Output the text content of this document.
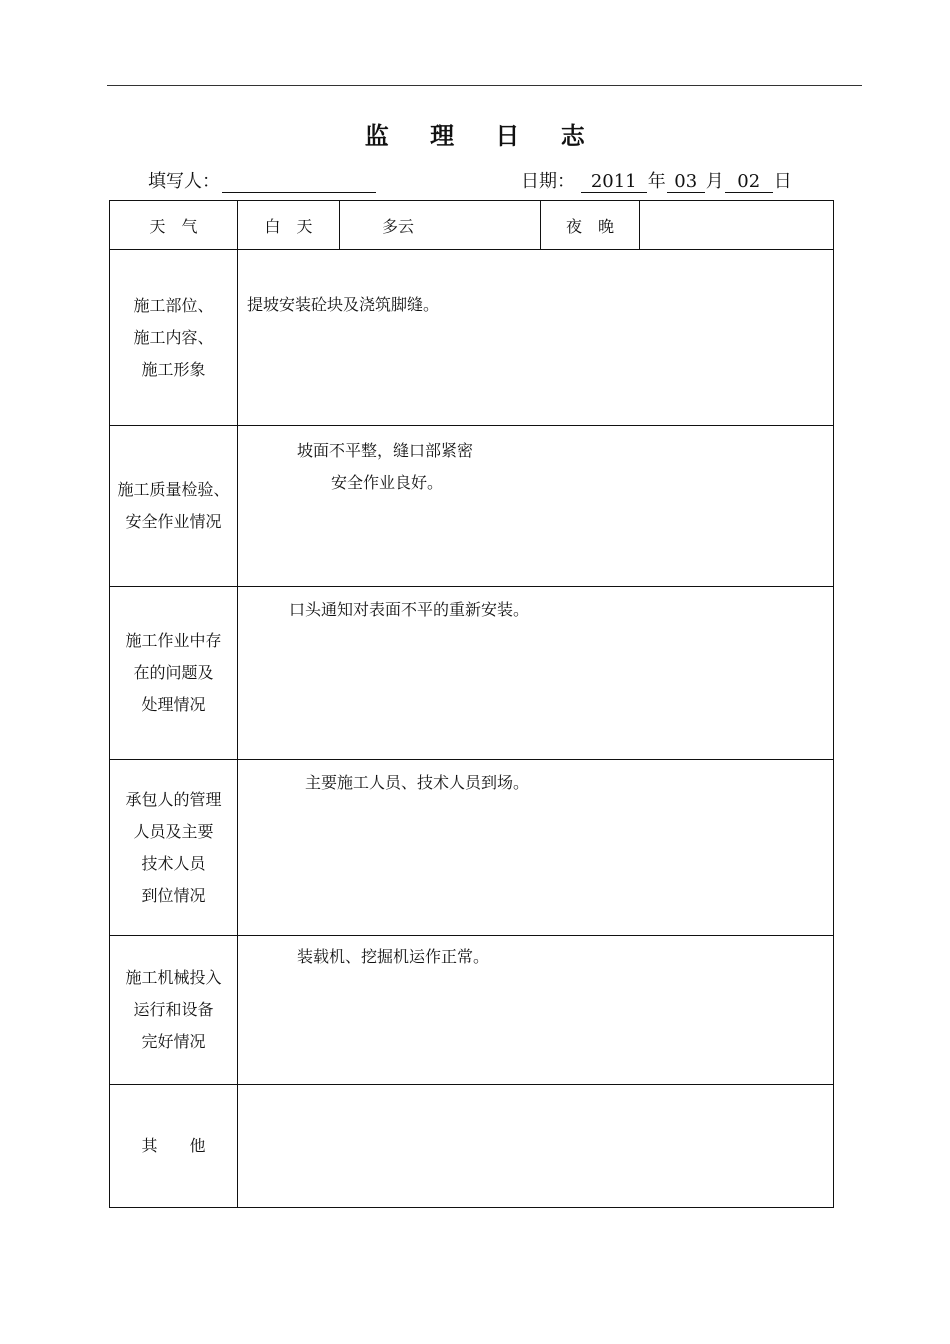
监 理 日 志
填写人：	日期： 2011 年 03 月 02 日
天　气	白　天	多云	夜　晚	

施工部位、
施工内容、
施工形象	提坡安装砼块及浇筑脚缝。			

施工质量检验、
安全作业情况	坡面不平整，缝口部紧密
安全作业良好。			

施工作业中存
在的问题及
处理情况	口头通知对表面不平的重新安装。			

承包人的管理
人员及主要
技术人员
到位情况	主要施工人员、技术人员到场。			

施工机械投入
运行和设备
完好情况	装载机、挖掘机运作正常。			

其　　他				
